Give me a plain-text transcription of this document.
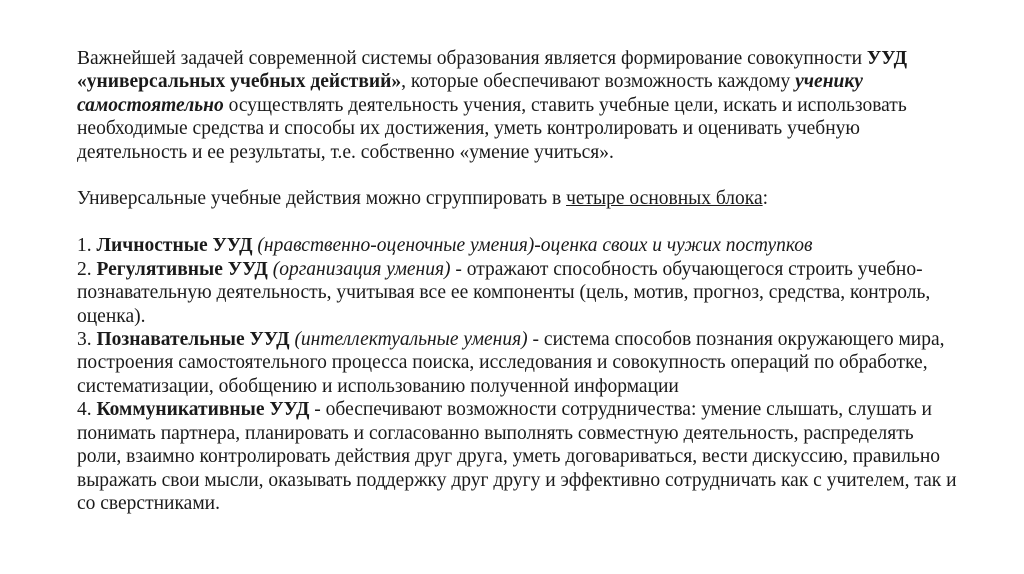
Важнейшей задачей современной системы образования является формирование совокупности УУД «универсальных учебных действий», которые обеспечивают возможность каждому ученику самостоятельно осуществлять деятельность учения, ставить учебные цели, искать и использовать необходимые средства и способы их достижения, уметь контролировать и оценивать учебную деятельность и ее результаты, т.е. собственно «умение учиться».

Универсальные учебные действия можно сгруппировать в четыре основных блока:

1. Личностные УУД (нравственно-оценочные умения)-оценка своих и чужих поступков

2. Регулятивные УУД (организация умения) - отражают способность обучающегося строить учебно-познавательную деятельность, учитывая все ее компоненты (цель, мотив, прогноз, средства, контроль, оценка).

3. Познавательные УУД (интеллектуальные умения) - система способов познания окружающего мира, построения самостоятельного процесса поиска, исследования и совокупность операций по обработке, систематизации, обобщению и использованию полученной информации

4. Коммуникативные УУД - обеспечивают возможности сотрудничества: умение слышать, слушать и понимать партнера, планировать и согласованно выполнять совместную деятельность, распределять роли, взаимно контролировать действия друг друга, уметь договариваться, вести дискуссию, правильно выражать свои мысли, оказывать поддержку друг другу и эффективно сотрудничать как с учителем, так и со сверстниками.
